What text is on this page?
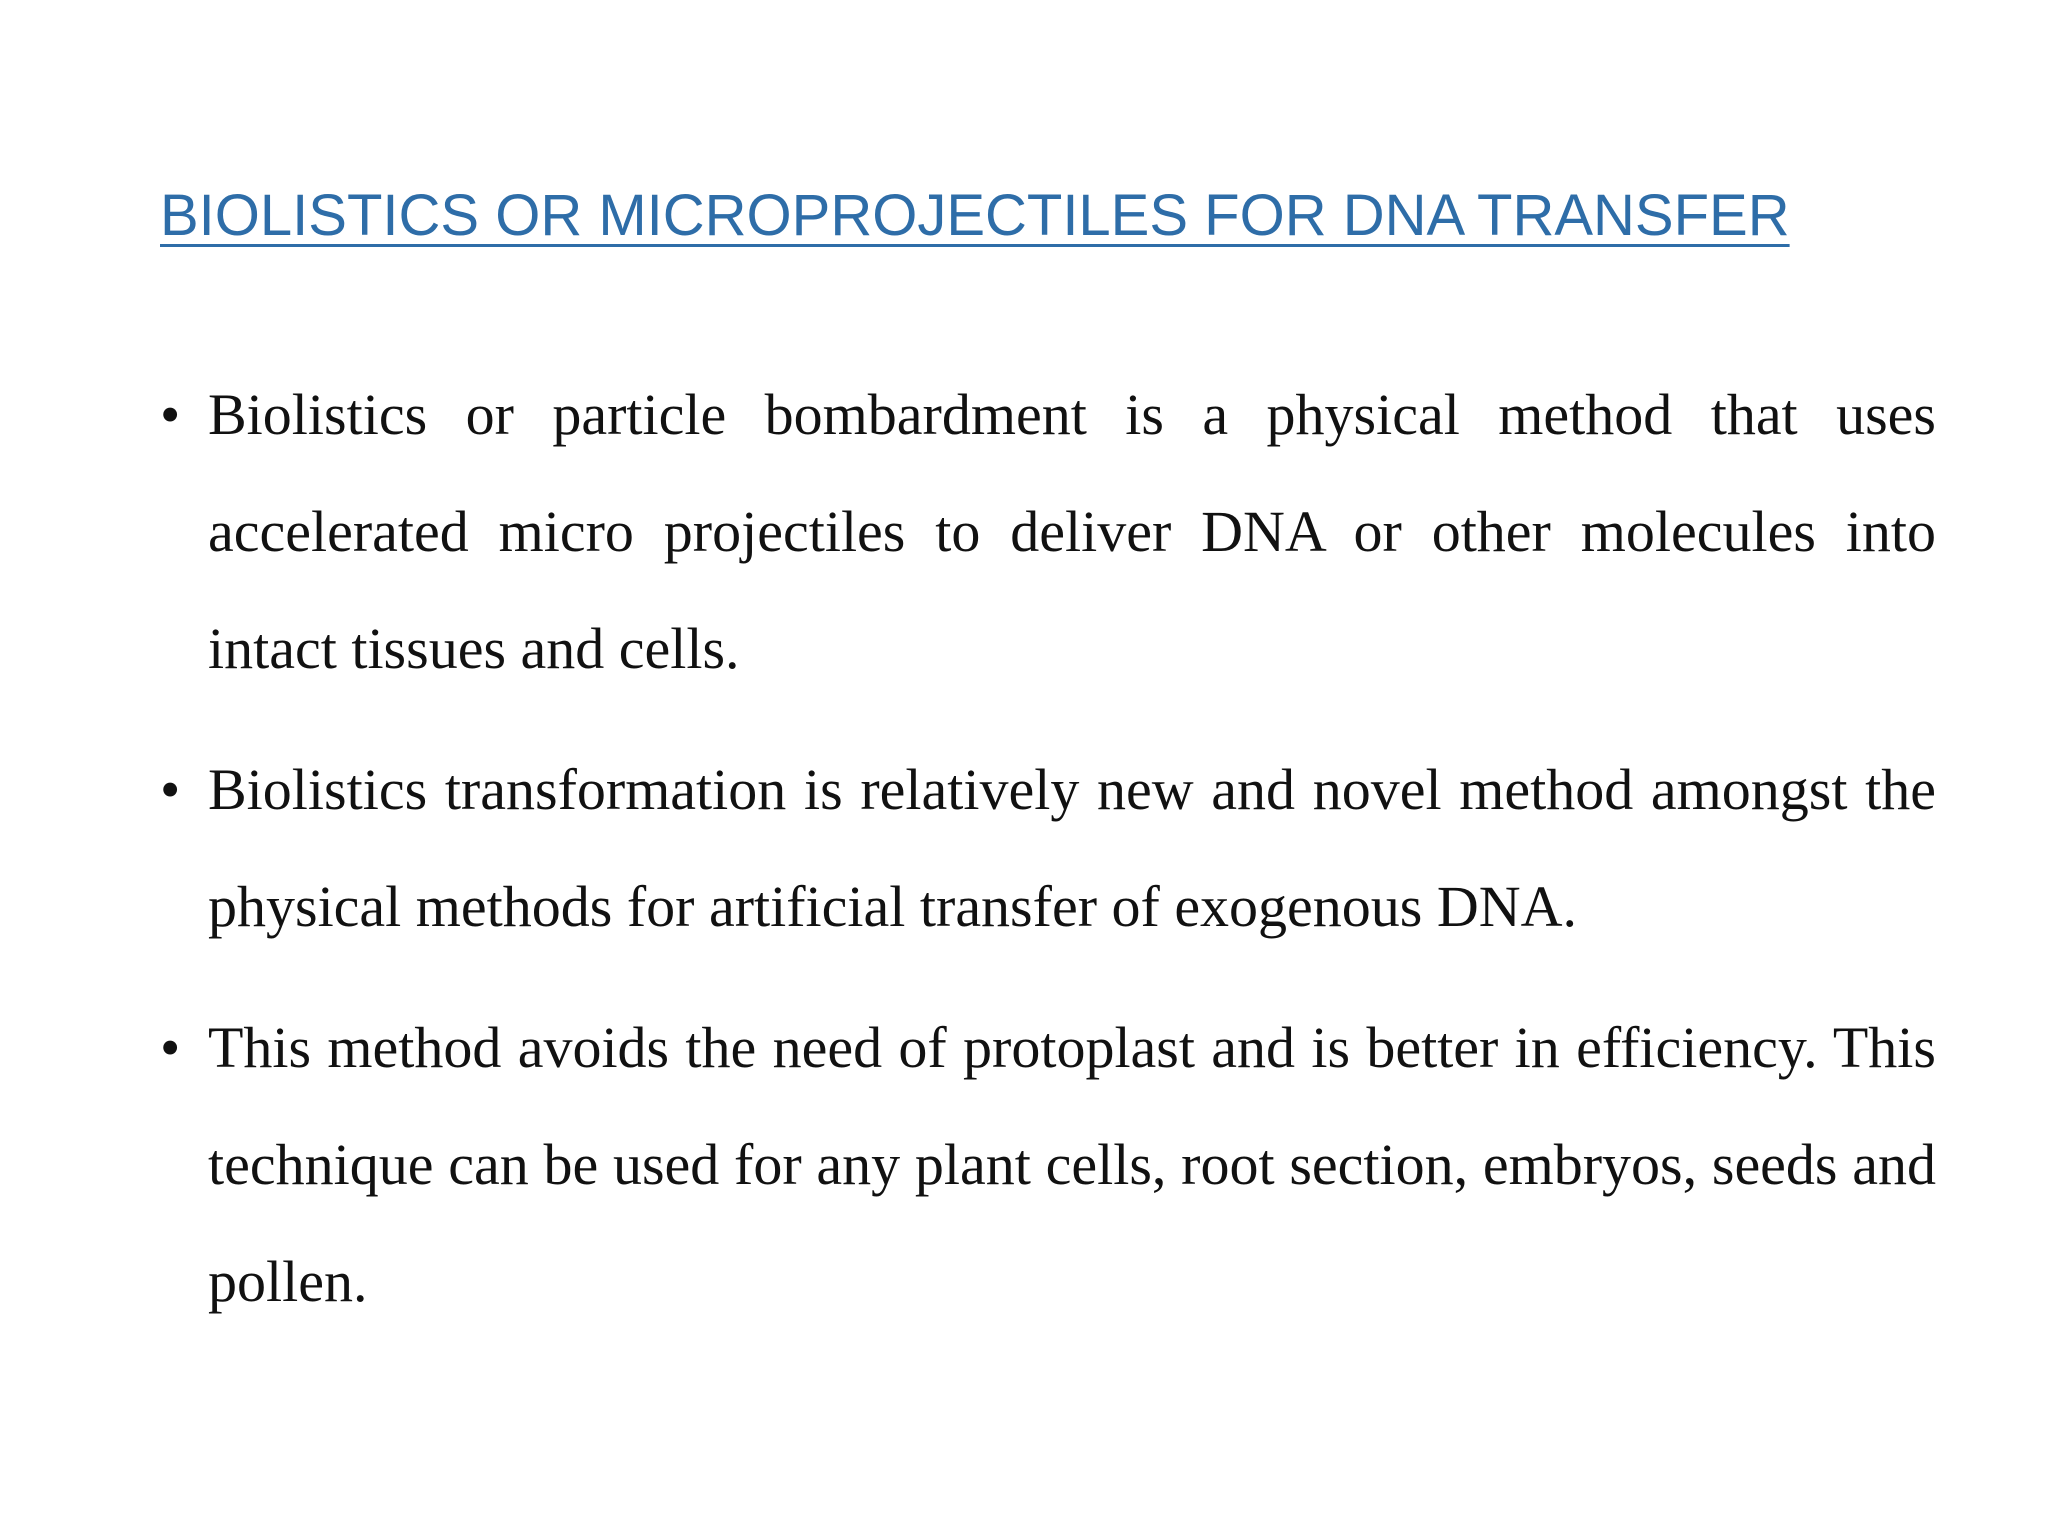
BIOLISTICS OR MICROPROJECTILES FOR DNA TRANSFER
• Biolistics or particle bombardment is a physical method that uses accelerated micro projectiles to deliver DNA or other molecules into intact tissues and cells.
• Biolistics transformation is relatively new and novel method amongst the physical methods for artificial transfer of exogenous DNA.
• This method avoids the need of protoplast and is better in efficiency. This technique can be used for any plant cells, root section, embryos, seeds and pollen.
